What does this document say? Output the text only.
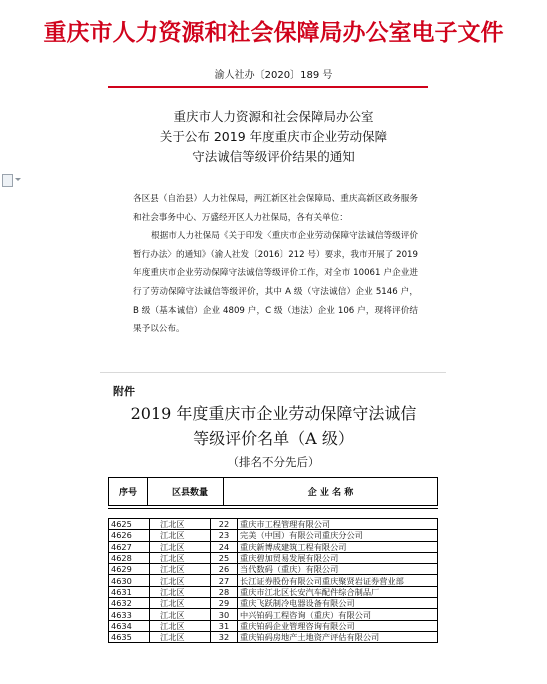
重庆市人力资源和社会保障局办公室电子文件
渝人社办〔2020〕189 号
重庆市人力资源和社会保障局办公室
关于公布 2019 年度重庆市企业劳动保障
守法诚信等级评价结果的通知

各区县（自治县）人力社保局，两江新区社会保障局、重庆高新区政务服务和社会事务中心、万盛经开区人力社保局，各有关单位：

根据市人力社保局《关于印发〈重庆市企业劳动保障守法诚信等级评价暂行办法〉的通知》（渝人社发〔2016〕212 号）要求，我市开展了 2019 年度重庆市企业劳动保障守法诚信等级评价工作，对全市 10061 户企业进行了劳动保障守法诚信等级评价，其中 A 级（守法诚信）企业 5146 户，B 级（基本诚信）企业 4809 户，C 级（违法）企业 106 户，现将评价结果予以公布。

附件
2019 年度重庆市企业劳动保障守法诚信
等级评价名单（A 级）
（排名不分先后）
序号	区县数量	企 业 名 称
4625	江北区	22	重庆市工程管理有限公司
4626	江北区	23	完美（中国）有限公司重庆分公司
4627	江北区	24	重庆新博成建筑工程有限公司
4628	江北区	25	重庆碧加贸易发展有限公司
4629	江北区	26	当代数码（重庆）有限公司
4630	江北区	27	长江证券股份有限公司重庆聚贤岩证券营业部
4631	江北区	28	重庆市江北区长安汽车配件综合制品厂
4632	江北区	29	重庆飞跃制冷电器设备有限公司
4633	江北区	30	中兴铂码工程咨询（重庆）有限公司
4634	江北区	31	重庆铂码企业管理咨询有限公司
4635	江北区	32	重庆铂码房地产土地资产评估有限公司
